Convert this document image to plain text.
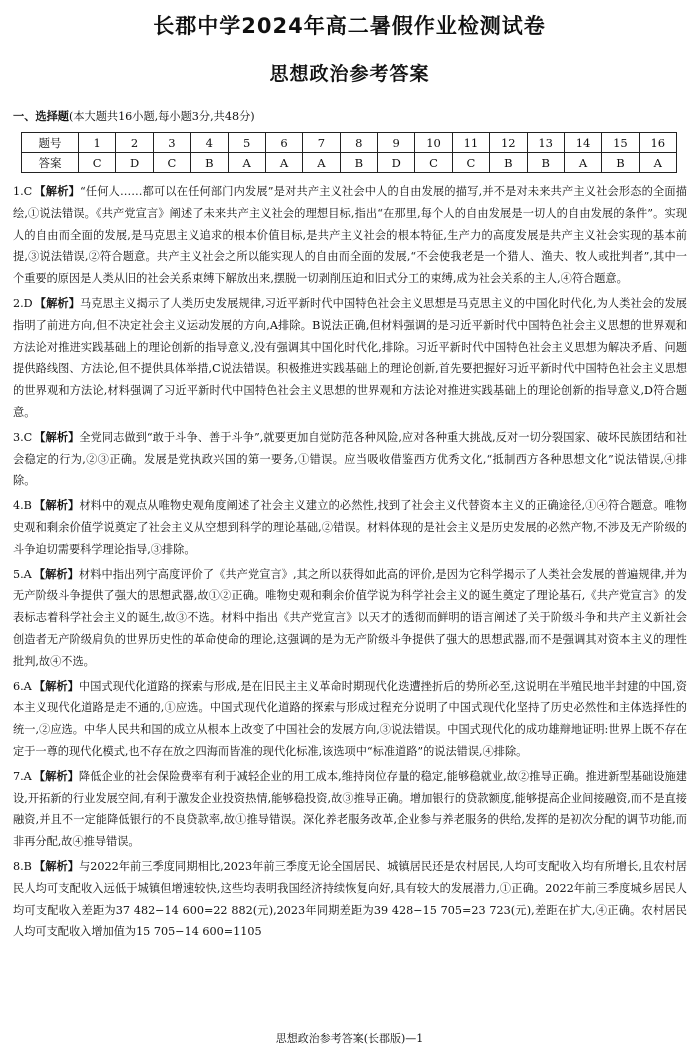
长郡中学2024年高二暑假作业检测试卷
思想政治参考答案
一、选择题(本大题共16小题,每小题3分,共48分)
题号	1	2	3	4	5	6	7	8	9	10	11	12	13	14	15	16
答案	C	D	C	B	A	A	A	B	D	C	C	B	B	A	B	A

1.C 【解析】“任何人……都可以在任何部门内发展”是对共产主义社会中人的自由发展的描写,并不是对未来共产主义社会形态的全面描绘,①说法错误。《共产党宣言》阐述了未来共产主义社会的理想目标,指出“在那里,每个人的自由发展是一切人的自由发展的条件”。实现人的自由而全面的发展,是马克思主义追求的根本价值目标,是共产主义社会的根本特征,生产力的高度发展是共产主义社会实现的基本前提,③说法错误,②符合题意。共产主义社会之所以能实现人的自由而全面的发展,“不会使我老是一个猎人、渔夫、牧人或批判者”,其中一个重要的原因是人类从旧的社会关系束缚下解放出来,摆脱一切剥削压迫和旧式分工的束缚,成为社会关系的主人,④符合题意。

2.D 【解析】马克思主义揭示了人类历史发展规律,习近平新时代中国特色社会主义思想是马克思主义的中国化时代化,为人类社会的发展指明了前进方向,但不决定社会主义运动发展的方向,A排除。B说法正确,但材料强调的是习近平新时代中国特色社会主义思想的世界观和方法论对推进实践基础上的理论创新的指导意义,没有强调其中国化时代化,排除。习近平新时代中国特色社会主义思想为解决矛盾、问题提供路线图、方法论,但不提供具体举措,C说法错误。积极推进实践基础上的理论创新,首先要把握好习近平新时代中国特色社会主义思想的世界观和方法论,材料强调了习近平新时代中国特色社会主义思想的世界观和方法论对推进实践基础上的理论创新的指导意义,D符合题意。

3.C 【解析】全党同志做到“敢于斗争、善于斗争”,就要更加自觉防范各种风险,应对各种重大挑战,反对一切分裂国家、破坏民族团结和社会稳定的行为,②③正确。发展是党执政兴国的第一要务,①错误。应当吸收借鉴西方优秀文化,“抵制西方各种思想文化”说法错误,④排除。

4.B 【解析】材料中的观点从唯物史观角度阐述了社会主义建立的必然性,找到了社会主义代替资本主义的正确途径,①④符合题意。唯物史观和剩余价值学说奠定了社会主义从空想到科学的理论基础,②错误。材料体现的是社会主义是历史发展的必然产物,不涉及无产阶级的斗争迫切需要科学理论指导,③排除。

5.A 【解析】材料中指出列宁高度评价了《共产党宣言》,其之所以获得如此高的评价,是因为它科学揭示了人类社会发展的普遍规律,并为无产阶级斗争提供了强大的思想武器,故①②正确。唯物史观和剩余价值学说为科学社会主义的诞生奠定了理论基石,《共产党宣言》的发表标志着科学社会主义的诞生,故③不选。材料中指出《共产党宣言》以天才的透彻而鲜明的语言阐述了关于阶级斗争和共产主义新社会创造者无产阶级肩负的世界历史性的革命使命的理论,这强调的是为无产阶级斗争提供了强大的思想武器,而不是强调其对资本主义的理性批判,故④不选。

6.A 【解析】中国式现代化道路的探索与形成,是在旧民主主义革命时期现代化迭遭挫折后的势所必至,这说明在半殖民地半封建的中国,资本主义现代化道路是走不通的,①应选。中国式现代化道路的探索与形成过程充分说明了中国式现代化坚持了历史必然性和主体选择性的统一,②应选。中华人民共和国的成立从根本上改变了中国社会的发展方向,③说法错误。中国式现代化的成功雄辩地证明:世界上既不存在定于一尊的现代化模式,也不存在放之四海而皆准的现代化标准,该选项中“标准道路”的说法错误,④排除。

7.A 【解析】降低企业的社会保险费率有利于减轻企业的用工成本,维持岗位存量的稳定,能够稳就业,故②推导正确。推进新型基础设施建设,开拓新的行业发展空间,有利于激发企业投资热情,能够稳投资,故③推导正确。增加银行的贷款额度,能够提高企业间接融资,而不是直接融资,并且不一定能降低银行的不良贷款率,故①推导错误。深化养老服务改革,企业参与养老服务的供给,发挥的是初次分配的调节功能,而非再分配,故④推导错误。

8.B 【解析】与2022年前三季度同期相比,2023年前三季度无论全国居民、城镇居民还是农村居民,人均可支配收入均有所增长,且农村居民人均可支配收入远低于城镇但增速较快,这些均表明我国经济持续恢复向好,具有较大的发展潜力,①正确。2022年前三季度城乡居民人均可支配收入差距为37 482−14 600=22 882(元),2023年同期差距为39 428−15 705=23 723(元),差距在扩大,④正确。农村居民人均可支配收入增加值为15 705−14 600=1105

思想政治参考答案(长郡版)—1
